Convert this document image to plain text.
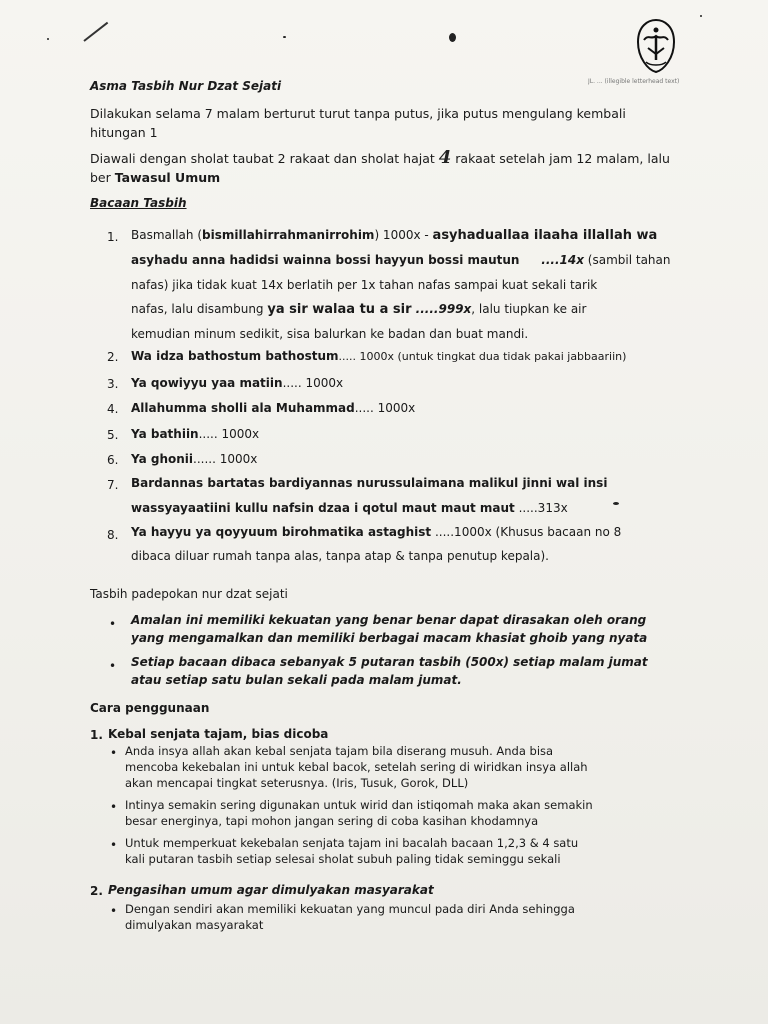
JL. ... (illegible letterhead text)
Asma Tasbih Nur Dzat Sejati
Dilakukan selama 7 malam berturut turut tanpa putus, jika putus mengulang kembali hitungan 1
Diawali dengan sholat taubat 2 rakaat dan sholat hajat 4 rakaat setelah jam 12 malam, lalu ber Tawasul Umum
Bacaan Tasbih
1. Basmallah (bismillahirrahmanirrohim) 1000x - asyhaduallaa ilaaha illallah wa
asyhadu anna hadidsi wainna bossi hayyun bossi mautun ....14x (sambil tahan
nafas) jika tidak kuat 14x berlatih per 1x tahan nafas sampai kuat sekali tarik
nafas, lalu disambung ya sir walaa tu a sir .....999x, lalu tiupkan ke air
kemudian minum sedikit, sisa balurkan ke badan dan buat mandi.
2. Wa idza bathostum bathostum..... 1000x (untuk tingkat dua tidak pakai jabbaariin)
3. Ya qowiyyu yaa matiin..... 1000x
4. Allahumma sholli ala Muhammad..... 1000x
5. Ya bathiin..... 1000x
6. Ya ghonii...... 1000x
7. Bardannas bartatas bardiyannas nurussulaimana malikul jinni wal insi
wassyayaatiini kullu nafsin dzaa i qotul maut maut maut .....313x
8. Ya hayyu ya qoyyuum birohmatika astaghist .....1000x (Khusus bacaan no 8
dibaca diluar rumah tanpa alas, tanpa atap & tanpa penutup kepala).
Tasbih padepokan nur dzat sejati
• Amalan ini memiliki kekuatan yang benar benar dapat dirasakan oleh orang
yang mengamalkan dan memiliki berbagai macam khasiat ghoib yang nyata
• Setiap bacaan dibaca sebanyak 5 putaran tasbih (500x) setiap malam jumat
atau setiap satu bulan sekali pada malam jumat.
Cara penggunaan
1. Kebal senjata tajam, bias dicoba
• Anda insya allah akan kebal senjata tajam bila diserang musuh. Anda bisa
mencoba kekebalan ini untuk kebal bacok, setelah sering di wiridkan insya allah
akan mencapai tingkat seterusnya. (Iris, Tusuk, Gorok, DLL)
• Intinya semakin sering digunakan untuk wirid dan istiqomah maka akan semakin
besar energinya, tapi mohon jangan sering di coba kasihan khodamnya
• Untuk memperkuat kekebalan senjata tajam ini bacalah bacaan 1,2,3 & 4 satu
kali putaran tasbih setiap selesai sholat subuh paling tidak seminggu sekali
2. Pengasihan umum agar dimulyakan masyarakat
• Dengan sendiri akan memiliki kekuatan yang muncul pada diri Anda sehingga
dimulyakan masyarakat
